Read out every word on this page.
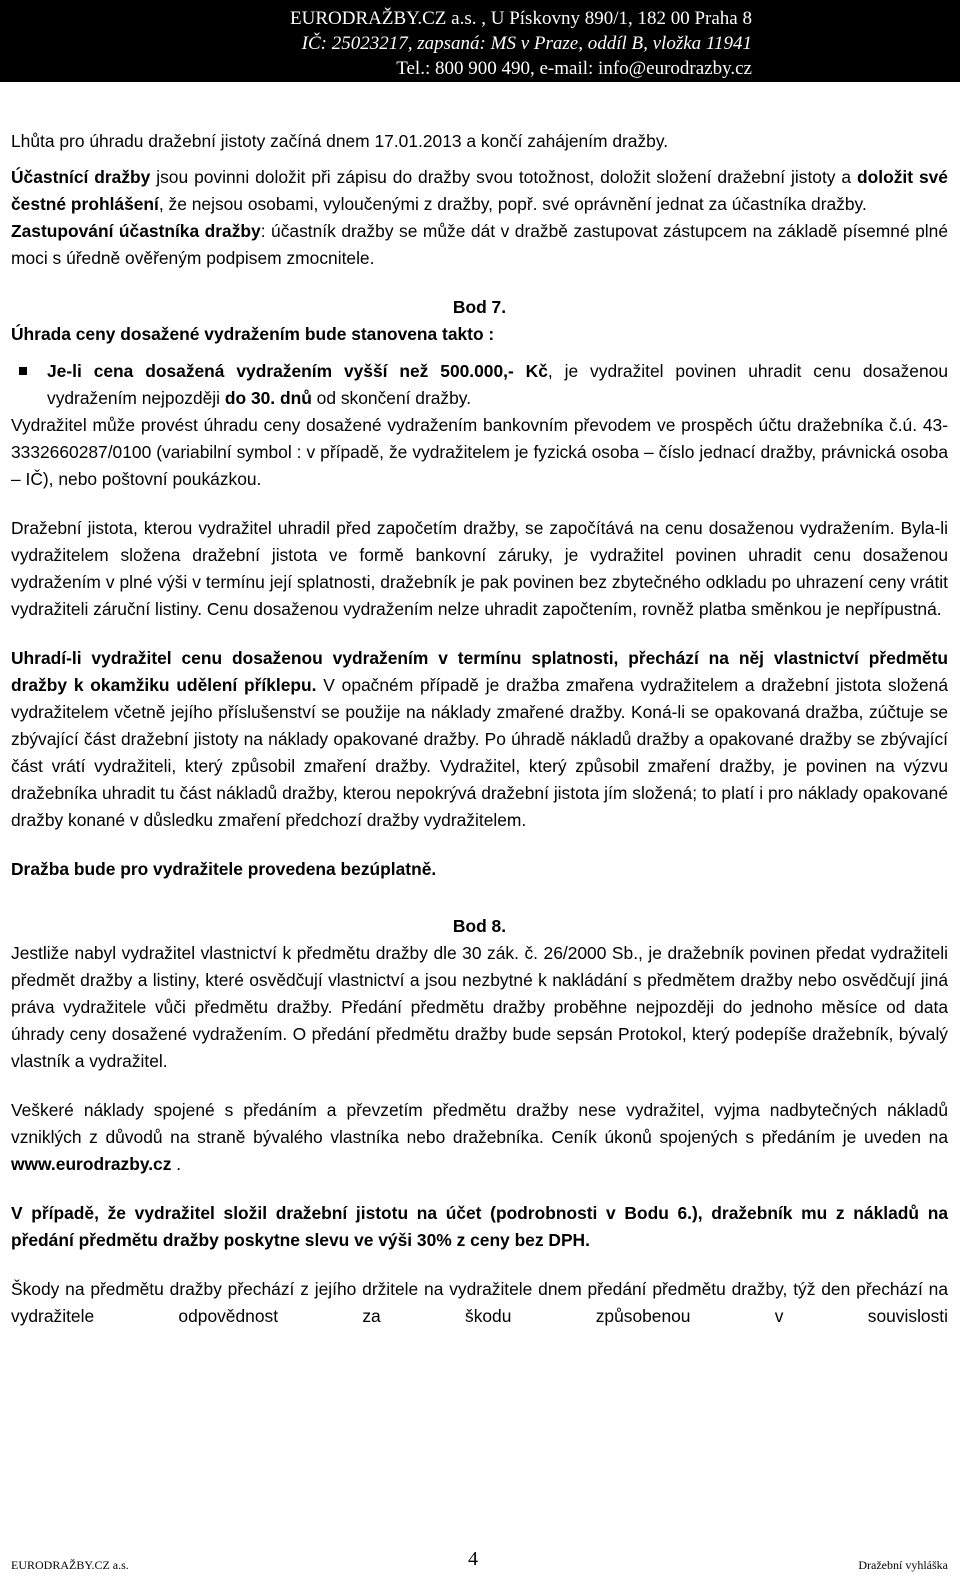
EURODRAŽBY.CZ a.s. , U Pískovny 890/1, 182 00 Praha 8
IČ: 25023217, zapsaná: MS v Praze, oddíl B, vložka 11941
Tel.: 800 900 490, e-mail: info@eurodrazby.cz

Lhůta pro úhradu dražební jistoty začíná dnem 17.01.2013 a končí zahájením dražby.

Účastnící dražby jsou povinni doložit při zápisu do dražby svou totožnost, doložit složení dražební jistoty a doložit své čestné prohlášení, že nejsou osobami, vyloučenými z dražby, popř. své oprávnění jednat za účastníka dražby.

Zastupování účastníka dražby: účastník dražby se může dát v dražbě zastupovat zástupcem na základě písemné plné moci s úředně ověřeným podpisem zmocnitele.

Bod 7.

Úhrada ceny dosažené vydražením bude stanovena takto :

Je-li cena dosažená vydražením vyšší než 500.000,- Kč, je vydražitel povinen uhradit cenu dosaženou vydražením nejpozději do 30. dnů od skončení dražby.

Vydražitel může provést úhradu ceny dosažené vydražením bankovním převodem ve prospěch účtu dražebníka č.ú. 43-3332660287/0100 (variabilní symbol : v případě, že vydražitelem je fyzická osoba – číslo jednací dražby, právnická osoba – IČ), nebo poštovní poukázkou.

Dražební jistota, kterou vydražitel uhradil před započetím dražby, se započítává na cenu dosaženou vydražením. Byla-li vydražitelem složena dražební jistota ve formě bankovní záruky, je vydražitel povinen uhradit cenu dosaženou vydražením v plné výši v termínu její splatnosti, dražebník je pak povinen bez zbytečného odkladu po uhrazení ceny vrátit vydražiteli záruční listiny. Cenu dosaženou vydražením nelze uhradit započtením, rovněž platba směnkou je nepřípustná.

Uhradí-li vydražitel cenu dosaženou vydražením v termínu splatnosti, přechází na něj vlastnictví předmětu dražby k okamžiku udělení příklepu. V opačném případě je dražba zmařena vydražitelem a dražební jistota složená vydražitelem včetně jejího příslušenství se použije na náklady zmařené dražby. Koná-li se opakovaná dražba, zúčtuje se zbývající část dražební jistoty na náklady opakované dražby. Po úhradě nákladů dražby a opakované dražby se zbývající část vrátí vydražiteli, který způsobil zmaření dražby. Vydražitel, který způsobil zmaření dražby, je povinen na výzvu dražebníka uhradit tu část nákladů dražby, kterou nepokrývá dražební jistota jím složená; to platí i pro náklady opakované dražby konané v důsledku zmaření předchozí dražby vydražitelem.

Dražba bude pro vydražitele provedena bezúplatně.

Bod 8.

Jestliže nabyl vydražitel vlastnictví k předmětu dražby dle 30 zák. č. 26/2000 Sb., je dražebník povinen předat vydražiteli předmět dražby a listiny, které osvědčují vlastnictví a jsou nezbytné k nakládání s předmětem dražby nebo osvědčují jiná práva vydražitele vůči předmětu dražby. Předání předmětu dražby proběhne nejpozději do jednoho měsíce od data úhrady ceny dosažené vydražením. O předání předmětu dražby bude sepsán Protokol, který podepíše dražebník, bývalý vlastník a vydražitel.

Veškeré náklady spojené s předáním a převzetím předmětu dražby nese vydražitel, vyjma nadbytečných nákladů vzniklých z důvodů na straně bývalého vlastníka nebo dražebníka. Ceník úkonů spojených s předáním je uveden na www.eurodrazby.cz .

V případě, že vydražitel složil dražební jistotu na účet (podrobnosti v Bodu 6.), dražebník mu z nákladů na předání předmětu dražby poskytne slevu ve výši 30% z ceny bez DPH.

Škody na předmětu dražby přechází z jejího držitele na vydražitele dnem předání předmětu dražby, týž den přechází na vydražitele odpovědnost za škodu způsobenou v souvislosti

EURODRAŽBY.CZ a.s.	4	Dražební vyhláška
